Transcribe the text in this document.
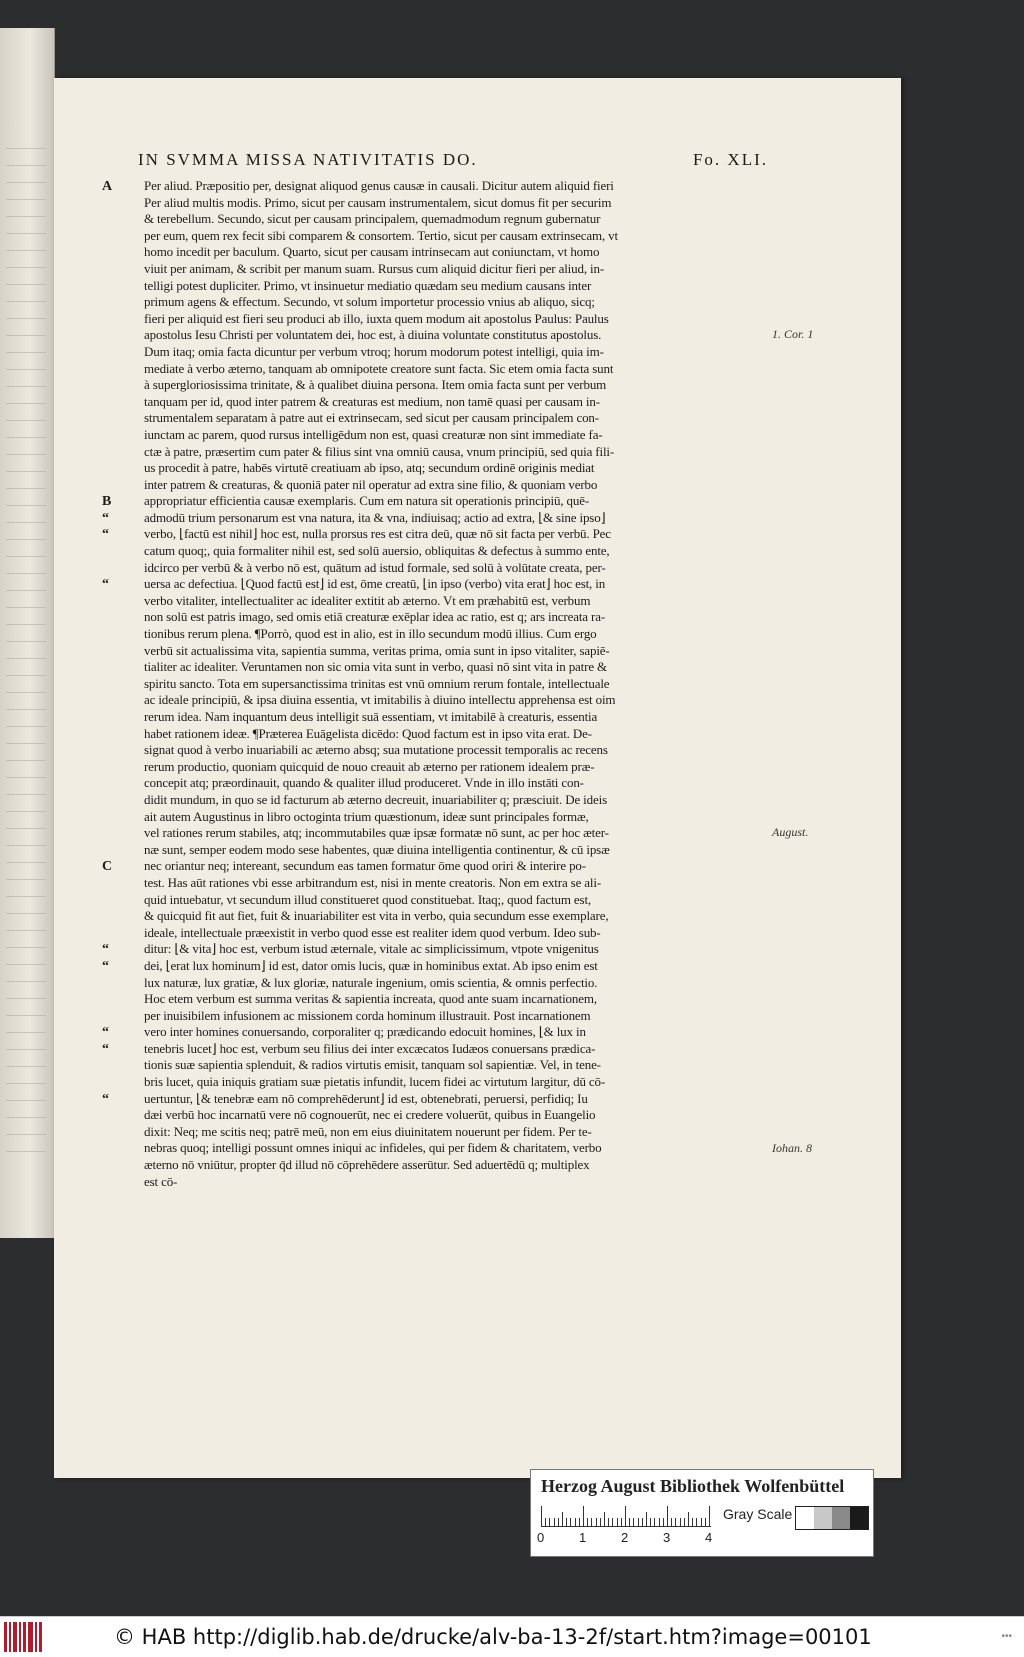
IN SVMMA MISSA NATIVITATIS DO.	Fo. XLI.
A	Per aliud. Præpositio per, designat aliquod genus causæ in causali. Dicitur autem aliquid fieri
Per aliud multis modis. Primo, sicut per causam instrumentalem, sicut domus fit per securim
& terebellum. Secundo, sicut per causam principalem, quemadmodum regnum gubernatur
per eum, quem rex fecit sibi comparem & consortem. Tertio, sicut per causam extrinsecam, vt
homo incedit per baculum. Quarto, sicut per causam intrinsecam aut coniunctam, vt homo
viuit per animam, & scribit per manum suam. Rursus cum aliquid dicitur fieri per aliud, in-
telligi potest dupliciter. Primo, vt insinuetur mediatio quædam seu medium causans inter
primum agens & effectum. Secundo, vt solum importetur processio vnius ab aliquo, sicq;
fieri per aliquid est fieri seu produci ab illo, iuxta quem modum ait apostolus Paulus: Paulus
apostolus Iesu Christi per voluntatem dei, hoc est, à diuina voluntate constitutus apostolus.
Dum itaq; omia facta dicuntur per verbum vtroq; horum modorum potest intelligi, quia im-
mediate à verbo æterno, tanquam ab omnipotete creatore sunt facta. Sic etem omia facta sunt
à supergloriosissima trinitate, & à qualibet diuina persona. Item omia facta sunt per verbum
tanquam per id, quod inter patrem & creaturas est medium, non tamē quasi per causam in-
strumentalem separatam à patre aut ei extrinsecam, sed sicut per causam principalem con-
iunctam ac parem, quod rursus intelligēdum non est, quasi creaturæ non sint immediate fa-
ctæ à patre, præsertim cum pater & filius sint vna omniū causa, vnum principiū, sed quia fili-
us procedit à patre, habēs virtutē creatiuam ab ipso, atq; secundum ordinē originis mediat
inter patrem & creaturas, & quoniā pater nil operatur ad extra sine filio, & quoniam verbo
B	appropriatur efficientia causæ exemplaris. Cum em natura sit operationis principiū, quē-
“	admodū trium personarum est vna natura, ita & vna, indiuisaq; actio ad extra, ⌊& sine ipso⌋
“	verbo, ⌊factū est nihil⌋ hoc est, nulla prorsus res est citra deū, quæ nō sit facta per verbū. Pec
catum quoq;, quia formaliter nihil est, sed solū auersio, obliquitas & defectus à summo ente,
idcirco per verbū & à verbo nō est, quātum ad istud formale, sed solū à volūtate creata, per-
“	uersa ac defectiua. ⌊Quod factū est⌋ id est, ōme creatū, ⌊in ipso (verbo) vita erat⌋ hoc est, in
verbo vitaliter, intellectualiter ac idealiter extitit ab æterno. Vt em præhabitū est, verbum
non solū est patris imago, sed omis etiā creaturæ exēplar idea ac ratio, est q; ars increata ra-
tionibus rerum plena. ¶Porrò, quod est in alio, est in illo secundum modū illius. Cum ergo
verbū sit actualissima vita, sapientia summa, veritas prima, omia sunt in ipso vitaliter, sapiē-
tialiter ac idealiter. Veruntamen non sic omia vita sunt in verbo, quasi nō sint vita in patre &
spiritu sancto. Tota em supersanctissima trinitas est vnū omnium rerum fontale, intellectuale
ac ideale principiū, & ipsa diuina essentia, vt imitabilis à diuino intellectu apprehensa est oim
rerum idea. Nam inquantum deus intelligit suā essentiam, vt imitabilē à creaturis, essentia
habet rationem ideæ. ¶Præterea Euāgelista dicēdo: Quod factum est in ipso vita erat. De-
signat quod à verbo inuariabili ac æterno absq; sua mutatione processit temporalis ac recens
rerum productio, quoniam quicquid de nouo creauit ab æterno per rationem idealem præ-
concepit atq; præordinauit, quando & qualiter illud produceret. Vnde in illo instāti con-
didit mundum, in quo se id facturum ab æterno decreuit, inuariabiliter q; præsciuit. De ideis
ait autem Augustinus in libro octoginta trium quæstionum, ideæ sunt principales formæ,
vel rationes rerum stabiles, atq; incommutabiles quæ ipsæ formatæ nō sunt, ac per hoc æter-
næ sunt, semper eodem modo sese habentes, quæ diuina intelligentia continentur, & cū ipsæ
C	nec oriantur neq; intereant, secundum eas tamen formatur ōme quod oriri & interire po-
test. Has aūt rationes vbi esse arbitrandum est, nisi in mente creatoris. Non em extra se ali-
quid intuebatur, vt secundum illud constitueret quod constituebat. Itaq;, quod factum est,
& quicquid fit aut fiet, fuit & inuariabiliter est vita in verbo, quia secundum esse exemplare,
ideale, intellectuale præexistit in verbo quod esse est realiter idem quod verbum. Ideo sub-
“	ditur: ⌊& vita⌋ hoc est, verbum istud æternale, vitale ac simplicissimum, vtpote vnigenitus
“	dei, ⌊erat lux hominum⌋ id est, dator omis lucis, quæ in hominibus extat. Ab ipso enim est
lux naturæ, lux gratiæ, & lux gloriæ, naturale ingenium, omis scientia, & omnis perfectio.
Hoc etem verbum est summa veritas & sapientia increata, quod ante suam incarnationem,
per inuisibilem infusionem ac missionem corda hominum illustrauit. Post incarnationem
“	vero inter homines conuersando, corporaliter q; prædicando edocuit homines, ⌊& lux in
“	tenebris lucet⌋ hoc est, verbum seu filius dei inter excæcatos Iudæos conuersans prædica-
tionis suæ sapientia splenduit, & radios virtutis emisit, tanquam sol sapientiæ. Vel, in tene-
bris lucet, quia iniquis gratiam suæ pietatis infundit, lucem fidei ac virtutum largitur, dū cō-
“	uertuntur, ⌊& tenebræ eam nō comprehēderunt⌋ id est, obtenebrati, peruersi, perfidiq; Iu
dæi verbū hoc incarnatū vere nō cognouerūt, nec ei credere voluerūt, quibus in Euangelio
dixit: Neq; me scitis neq; patrē meū, non em eius diuinitatem nouerunt per fidem. Per te-
nebras quoq; intelligi possunt omnes iniqui ac infideles, qui per fidem & charitatem, verbo
æterno nō vniūtur, propter q̄d illud nō cōprehēdere asserūtur. Sed aduertēdū q; multiplex
est cō-
1. Cor. 1
August.
Iohan. 8
Herzog August Bibliothek Wolfenbüttel
0	1	2	3	4
Gray Scale
© HAB http://diglib.hab.de/drucke/alv-ba-13-2f/start.htm?image=00101	•••
